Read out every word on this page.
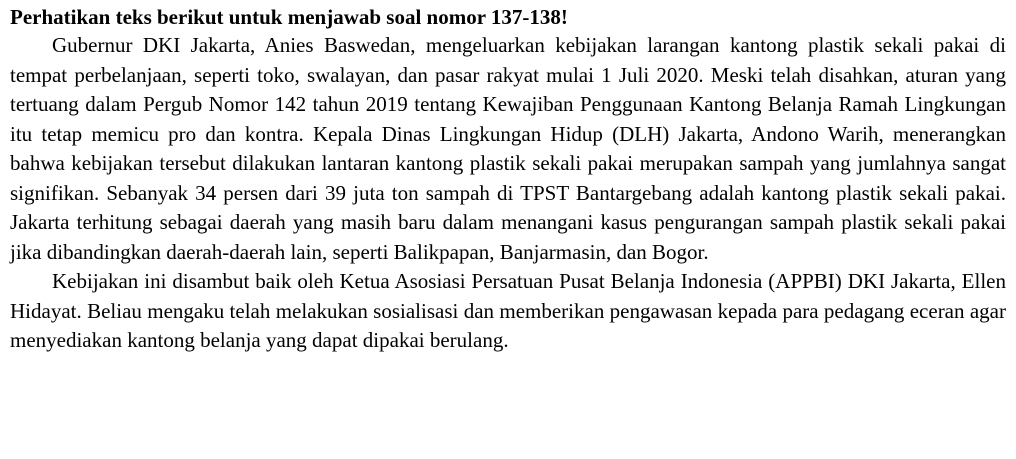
Perhatikan teks berikut untuk menjawab soal nomor 137-138!

Gubernur DKI Jakarta, Anies Baswedan, mengeluarkan kebijakan larangan kantong plastik sekali pakai di tempat perbelanjaan, seperti toko, swalayan, dan pasar rakyat mulai 1 Juli 2020. Meski telah disahkan, aturan yang tertuang dalam Pergub Nomor 142 tahun 2019 tentang Kewajiban Penggunaan Kantong Belanja Ramah Lingkungan itu tetap memicu pro dan kontra. Kepala Dinas Lingkungan Hidup (DLH) Jakarta, Andono Warih, menerangkan bahwa kebijakan tersebut dilakukan lantaran kantong plastik sekali pakai merupakan sampah yang jumlahnya sangat signifikan. Sebanyak 34 persen dari 39 juta ton sampah di TPST Bantargebang adalah kantong plastik sekali pakai. Jakarta terhitung sebagai daerah yang masih baru dalam menangani kasus pengurangan sampah plastik sekali pakai jika dibandingkan daerah-daerah lain, seperti Balikpapan, Banjarmasin, dan Bogor.

Kebijakan ini disambut baik oleh Ketua Asosiasi Persatuan Pusat Belanja Indonesia (APPBI) DKI Jakarta, Ellen Hidayat. Beliau mengaku telah melakukan sosialisasi dan memberikan pengawasan kepada para pedagang eceran agar menyediakan kantong belanja yang dapat dipakai berulang.
